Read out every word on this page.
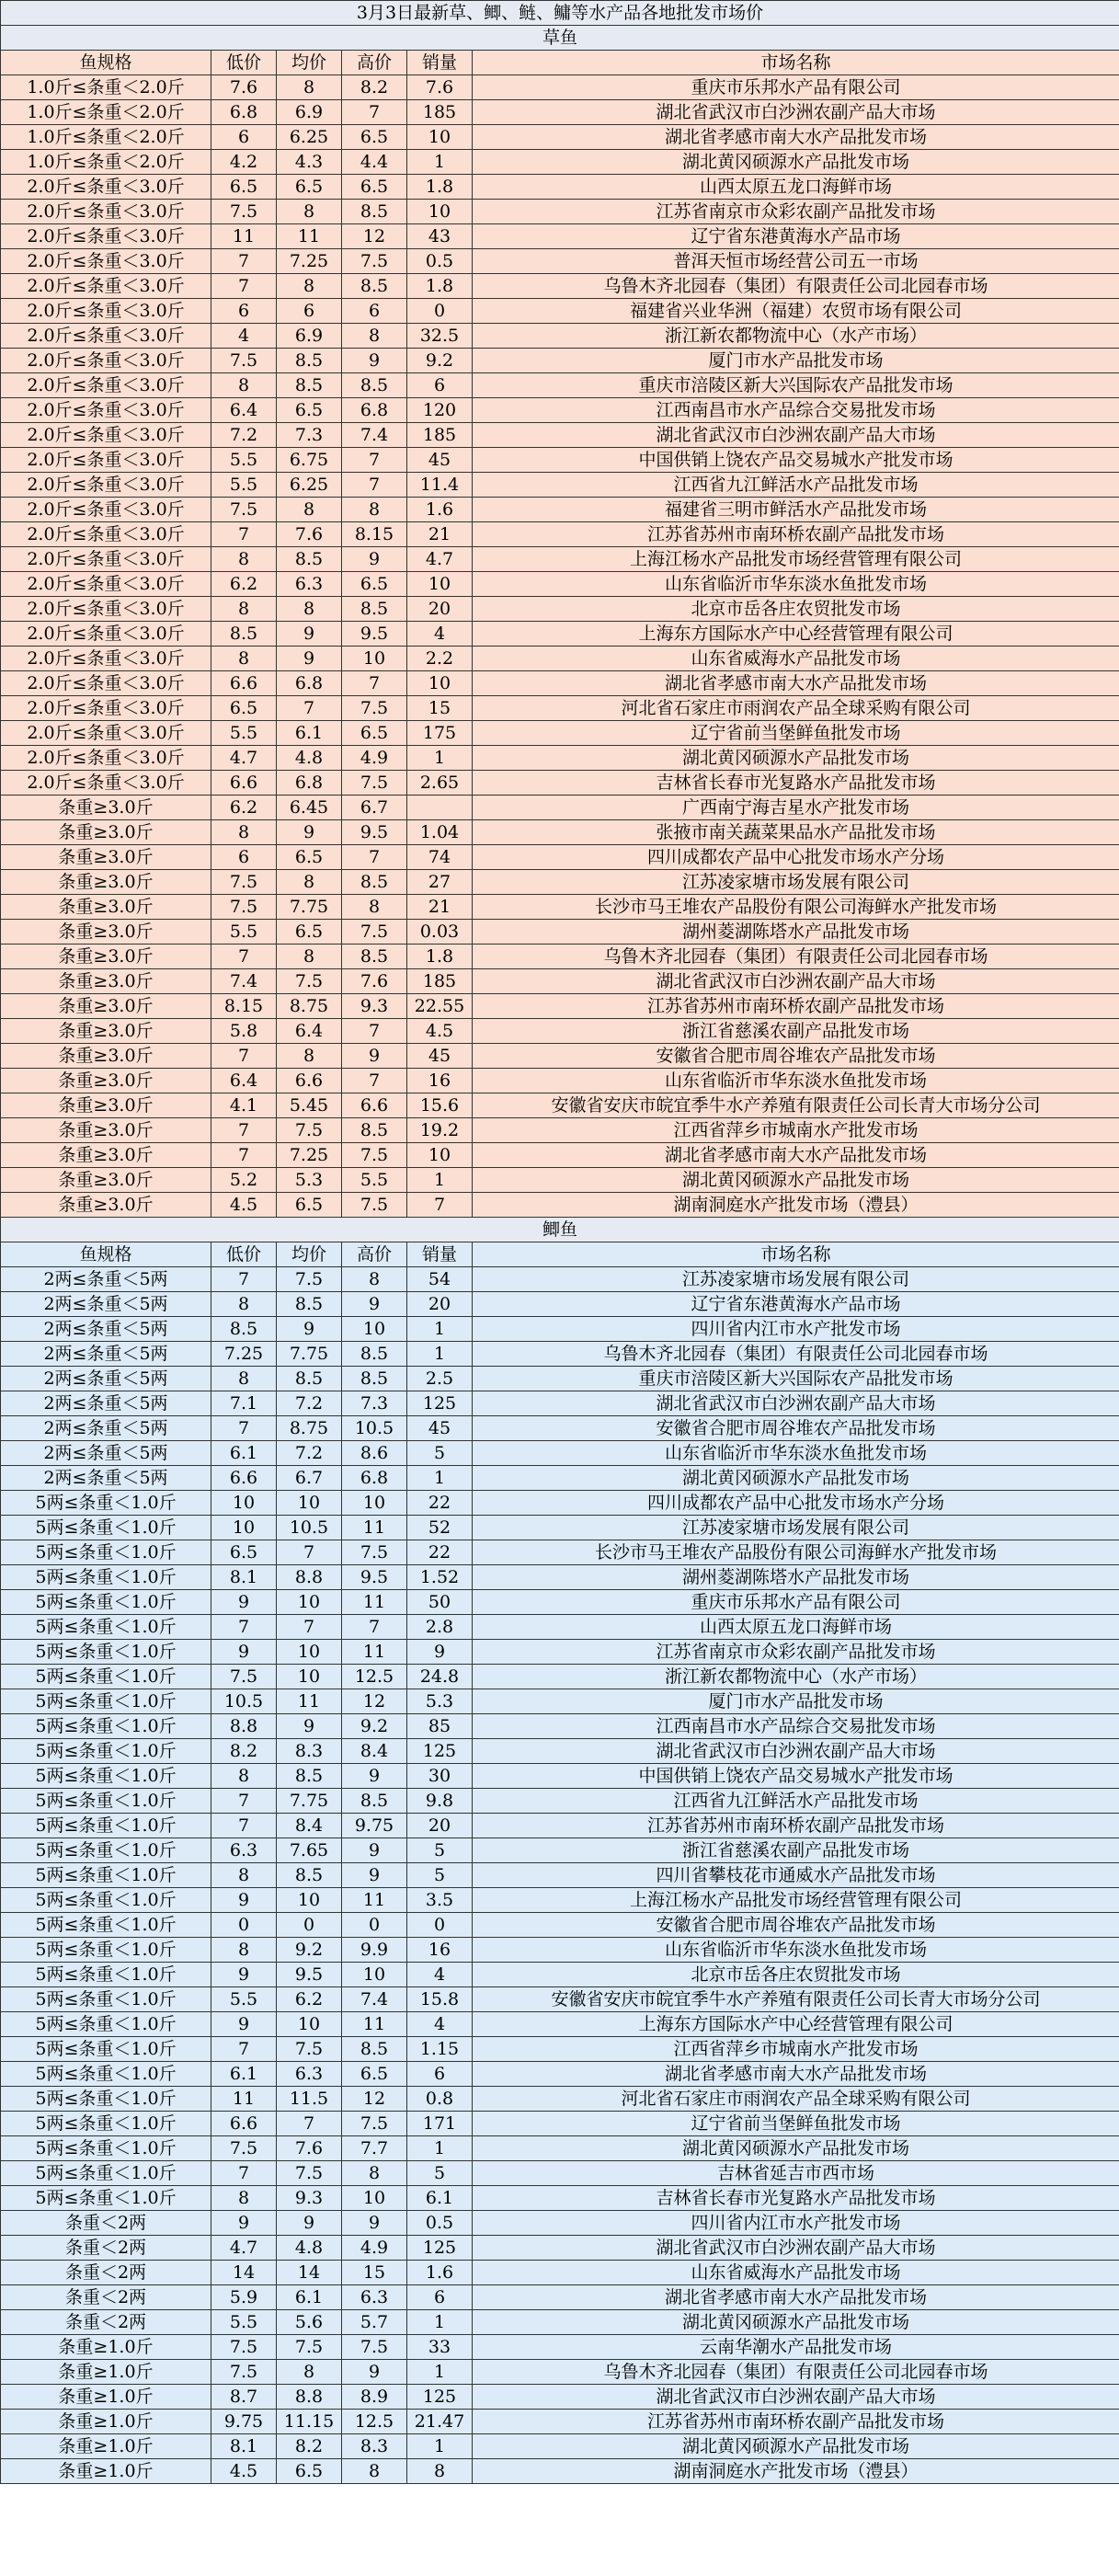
3月3日最新草、鲫、鲢、鳙等水产品各地批发市场价					
草鱼					
鱼规格	低价	均价	高价	销量	市场名称
1.0斤≤条重＜2.0斤	7.6	8	8.2	7.6	重庆市乐邦水产品有限公司
1.0斤≤条重＜2.0斤	6.8	6.9	7	185	湖北省武汉市白沙洲农副产品大市场
1.0斤≤条重＜2.0斤	6	6.25	6.5	10	湖北省孝感市南大水产品批发市场
1.0斤≤条重＜2.0斤	4.2	4.3	4.4	1	湖北黄冈硕源水产品批发市场
2.0斤≤条重＜3.0斤	6.5	6.5	6.5	1.8	山西太原五龙口海鲜市场
2.0斤≤条重＜3.0斤	7.5	8	8.5	10	江苏省南京市众彩农副产品批发市场
2.0斤≤条重＜3.0斤	11	11	12	43	辽宁省东港黄海水产品市场
2.0斤≤条重＜3.0斤	7	7.25	7.5	0.5	普洱天恒市场经营公司五一市场
2.0斤≤条重＜3.0斤	7	8	8.5	1.8	乌鲁木齐北园春（集团）有限责任公司北园春市场
2.0斤≤条重＜3.0斤	6	6	6	0	福建省兴业华洲（福建）农贸市场有限公司
2.0斤≤条重＜3.0斤	4	6.9	8	32.5	浙江新农都物流中心（水产市场）
2.0斤≤条重＜3.0斤	7.5	8.5	9	9.2	厦门市水产品批发市场
2.0斤≤条重＜3.0斤	8	8.5	8.5	6	重庆市涪陵区新大兴国际农产品批发市场
2.0斤≤条重＜3.0斤	6.4	6.5	6.8	120	江西南昌市水产品综合交易批发市场
2.0斤≤条重＜3.0斤	7.2	7.3	7.4	185	湖北省武汉市白沙洲农副产品大市场
2.0斤≤条重＜3.0斤	5.5	6.75	7	45	中国供销上饶农产品交易城水产批发市场
2.0斤≤条重＜3.0斤	5.5	6.25	7	11.4	江西省九江鲜活水产品批发市场
2.0斤≤条重＜3.0斤	7.5	8	8	1.6	福建省三明市鲜活水产品批发市场
2.0斤≤条重＜3.0斤	7	7.6	8.15	21	江苏省苏州市南环桥农副产品批发市场
2.0斤≤条重＜3.0斤	8	8.5	9	4.7	上海江杨水产品批发市场经营管理有限公司
2.0斤≤条重＜3.0斤	6.2	6.3	6.5	10	山东省临沂市华东淡水鱼批发市场
2.0斤≤条重＜3.0斤	8	8	8.5	20	北京市岳各庄农贸批发市场
2.0斤≤条重＜3.0斤	8.5	9	9.5	4	上海东方国际水产中心经营管理有限公司
2.0斤≤条重＜3.0斤	8	9	10	2.2	山东省威海水产品批发市场
2.0斤≤条重＜3.0斤	6.6	6.8	7	10	湖北省孝感市南大水产品批发市场
2.0斤≤条重＜3.0斤	6.5	7	7.5	15	河北省石家庄市雨润农产品全球采购有限公司
2.0斤≤条重＜3.0斤	5.5	6.1	6.5	175	辽宁省前当堡鲜鱼批发市场
2.0斤≤条重＜3.0斤	4.7	4.8	4.9	1	湖北黄冈硕源水产品批发市场
2.0斤≤条重＜3.0斤	6.6	6.8	7.5	2.65	吉林省长春市光复路水产品批发市场
条重≥3.0斤	6.2	6.45	6.7		广西南宁海吉星水产批发市场
条重≥3.0斤	8	9	9.5	1.04	张掖市南关蔬菜果品水产品批发市场
条重≥3.0斤	6	6.5	7	74	四川成都农产品中心批发市场水产分场
条重≥3.0斤	7.5	8	8.5	27	江苏凌家塘市场发展有限公司
条重≥3.0斤	7.5	7.75	8	21	长沙市马王堆农产品股份有限公司海鲜水产批发市场
条重≥3.0斤	5.5	6.5	7.5	0.03	湖州菱湖陈塔水产品批发市场
条重≥3.0斤	7	8	8.5	1.8	乌鲁木齐北园春（集团）有限责任公司北园春市场
条重≥3.0斤	7.4	7.5	7.6	185	湖北省武汉市白沙洲农副产品大市场
条重≥3.0斤	8.15	8.75	9.3	22.55	江苏省苏州市南环桥农副产品批发市场
条重≥3.0斤	5.8	6.4	7	4.5	浙江省慈溪农副产品批发市场
条重≥3.0斤	7	8	9	45	安徽省合肥市周谷堆农产品批发市场
条重≥3.0斤	6.4	6.6	7	16	山东省临沂市华东淡水鱼批发市场
条重≥3.0斤	4.1	5.45	6.6	15.6	安徽省安庆市皖宜季牛水产养殖有限责任公司长青大市场分公司
条重≥3.0斤	7	7.5	8.5	19.2	江西省萍乡市城南水产批发市场
条重≥3.0斤	7	7.25	7.5	10	湖北省孝感市南大水产品批发市场
条重≥3.0斤	5.2	5.3	5.5	1	湖北黄冈硕源水产品批发市场
条重≥3.0斤	4.5	6.5	7.5	7	湖南洞庭水产批发市场（澧县）
鲫鱼					
鱼规格	低价	均价	高价	销量	市场名称
2两≤条重＜5两	7	7.5	8	54	江苏凌家塘市场发展有限公司
2两≤条重＜5两	8	8.5	9	20	辽宁省东港黄海水产品市场
2两≤条重＜5两	8.5	9	10	1	四川省内江市水产批发市场
2两≤条重＜5两	7.25	7.75	8.5	1	乌鲁木齐北园春（集团）有限责任公司北园春市场
2两≤条重＜5两	8	8.5	8.5	2.5	重庆市涪陵区新大兴国际农产品批发市场
2两≤条重＜5两	7.1	7.2	7.3	125	湖北省武汉市白沙洲农副产品大市场
2两≤条重＜5两	7	8.75	10.5	45	安徽省合肥市周谷堆农产品批发市场
2两≤条重＜5两	6.1	7.2	8.6	5	山东省临沂市华东淡水鱼批发市场
2两≤条重＜5两	6.6	6.7	6.8	1	湖北黄冈硕源水产品批发市场
5两≤条重＜1.0斤	10	10	10	22	四川成都农产品中心批发市场水产分场
5两≤条重＜1.0斤	10	10.5	11	52	江苏凌家塘市场发展有限公司
5两≤条重＜1.0斤	6.5	7	7.5	22	长沙市马王堆农产品股份有限公司海鲜水产批发市场
5两≤条重＜1.0斤	8.1	8.8	9.5	1.52	湖州菱湖陈塔水产品批发市场
5两≤条重＜1.0斤	9	10	11	50	重庆市乐邦水产品有限公司
5两≤条重＜1.0斤	7	7	7	2.8	山西太原五龙口海鲜市场
5两≤条重＜1.0斤	9	10	11	9	江苏省南京市众彩农副产品批发市场
5两≤条重＜1.0斤	7.5	10	12.5	24.8	浙江新农都物流中心（水产市场）
5两≤条重＜1.0斤	10.5	11	12	5.3	厦门市水产品批发市场
5两≤条重＜1.0斤	8.8	9	9.2	85	江西南昌市水产品综合交易批发市场
5两≤条重＜1.0斤	8.2	8.3	8.4	125	湖北省武汉市白沙洲农副产品大市场
5两≤条重＜1.0斤	8	8.5	9	30	中国供销上饶农产品交易城水产批发市场
5两≤条重＜1.0斤	7	7.75	8.5	9.8	江西省九江鲜活水产品批发市场
5两≤条重＜1.0斤	7	8.4	9.75	20	江苏省苏州市南环桥农副产品批发市场
5两≤条重＜1.0斤	6.3	7.65	9	5	浙江省慈溪农副产品批发市场
5两≤条重＜1.0斤	8	8.5	9	5	四川省攀枝花市通威水产品批发市场
5两≤条重＜1.0斤	9	10	11	3.5	上海江杨水产品批发市场经营管理有限公司
5两≤条重＜1.0斤	0	0	0	0	安徽省合肥市周谷堆农产品批发市场
5两≤条重＜1.0斤	8	9.2	9.9	16	山东省临沂市华东淡水鱼批发市场
5两≤条重＜1.0斤	9	9.5	10	4	北京市岳各庄农贸批发市场
5两≤条重＜1.0斤	5.5	6.2	7.4	15.8	安徽省安庆市皖宜季牛水产养殖有限责任公司长青大市场分公司
5两≤条重＜1.0斤	9	10	11	4	上海东方国际水产中心经营管理有限公司
5两≤条重＜1.0斤	7	7.5	8.5	1.15	江西省萍乡市城南水产批发市场
5两≤条重＜1.0斤	6.1	6.3	6.5	6	湖北省孝感市南大水产品批发市场
5两≤条重＜1.0斤	11	11.5	12	0.8	河北省石家庄市雨润农产品全球采购有限公司
5两≤条重＜1.0斤	6.6	7	7.5	171	辽宁省前当堡鲜鱼批发市场
5两≤条重＜1.0斤	7.5	7.6	7.7	1	湖北黄冈硕源水产品批发市场
5两≤条重＜1.0斤	7	7.5	8	5	吉林省延吉市西市场
5两≤条重＜1.0斤	8	9.3	10	6.1	吉林省长春市光复路水产品批发市场
条重＜2两	9	9	9	0.5	四川省内江市水产批发市场
条重＜2两	4.7	4.8	4.9	125	湖北省武汉市白沙洲农副产品大市场
条重＜2两	14	14	15	1.6	山东省威海水产品批发市场
条重＜2两	5.9	6.1	6.3	6	湖北省孝感市南大水产品批发市场
条重＜2两	5.5	5.6	5.7	1	湖北黄冈硕源水产品批发市场
条重≥1.0斤	7.5	7.5	7.5	33	云南华潮水产品批发市场
条重≥1.0斤	7.5	8	9	1	乌鲁木齐北园春（集团）有限责任公司北园春市场
条重≥1.0斤	8.7	8.8	8.9	125	湖北省武汉市白沙洲农副产品大市场
条重≥1.0斤	9.75	11.15	12.5	21.47	江苏省苏州市南环桥农副产品批发市场
条重≥1.0斤	8.1	8.2	8.3	1	湖北黄冈硕源水产品批发市场
条重≥1.0斤	4.5	6.5	8	8	湖南洞庭水产批发市场（澧县）
